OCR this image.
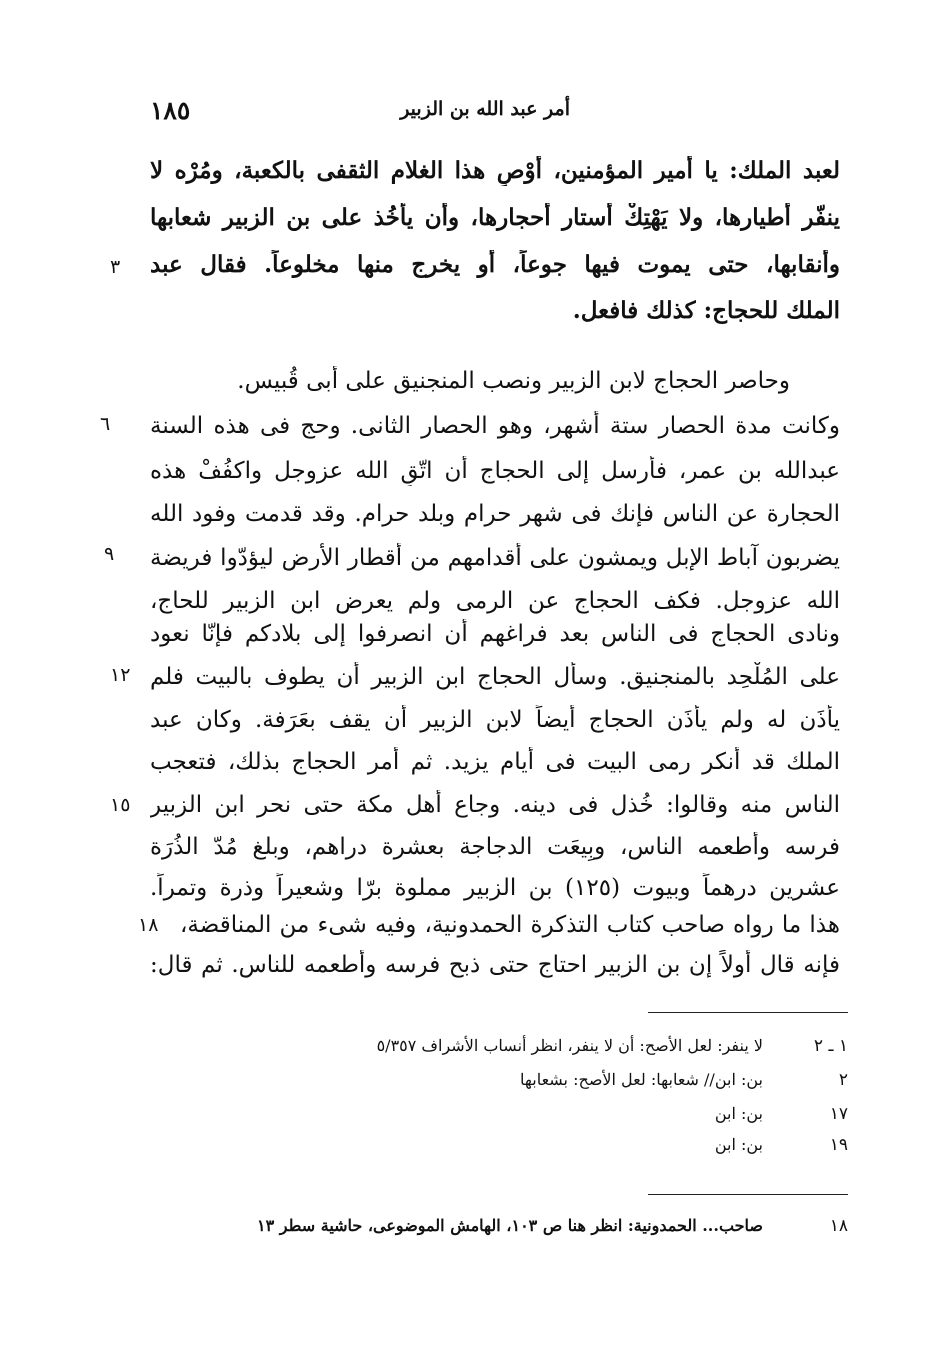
١٨٥	أمر عبد الله بن الزبير
لعبد الملك: يا أمير المؤمنين، أوْصِ هذا الغلام الثقفى بالكعبة، ومُرْه لا
ينفّر أطيارها، ولا يَهْتِكْ أستار أحجارها، وأن يأخُذ على بن الزبير شعابها
وأنقابها، حتى يموت فيها جوعاً، أو يخرج منها مخلوعاً. فقال عبد
الملك للحجاج: كذلك فافعل.
وحاصر الحجاج لابن الزبير ونصب المنجنيق على أبى قُبيس.
وكانت مدة الحصار ستة أشهر، وهو الحصار الثانى. وحج فى هذه السنة
عبدالله بن عمر، فأرسل إلى الحجاج أن اتّقِ الله عزوجل واكفُفْ هذه
الحجارة عن الناس فإنك فى شهر حرام وبلد حرام. وقد قدمت وفود الله
يضربون آباط الإبل ويمشون على أقدامهم من أقطار الأرض ليؤدّوا فريضة
الله عزوجل. فكف الحجاج عن الرمى ولم يعرض ابن الزبير للحاج،
ونادى الحجاج فى الناس بعد فراغهم أن انصرفوا إلى بلادكم فإنّا نعود
على المُلْحِد بالمنجنيق. وسأل الحجاج ابن الزبير أن يطوف بالبيت فلم
يأذَن له ولم يأذَن الحجاج أيضاً لابن الزبير أن يقف بعَرَفة. وكان عبد
الملك قد أنكر رمى البيت فى أيام يزيد. ثم أمر الحجاج بذلك، فتعجب
الناس منه وقالوا: خُذل فى دينه. وجاع أهل مكة حتى نحر ابن الزبير
فرسه وأطعمه الناس، وبِيعَت الدجاجة بعشرة دراهم، وبلغ مُدّ الذُرَة
عشرين درهماً وبيوت (١٢٥) بن الزبير مملوة برّا وشعيراً وذرة وتمراً.
هذا ما رواه صاحب كتاب التذكرة الحمدونية، وفيه شىء من المناقضة،
فإنه قال أولاً إن بن الزبير احتاج حتى ذبح فرسه وأطعمه للناس. ثم قال:
٣
٦
٩
١٢
١٥
١٨
١ ـ ٢
لا ينفر: لعل الأصح: أن لا ينفر، انظر أنساب الأشراف ٥/٣٥٧
٢
بن: ابن// شعابها: لعل الأصح: بشعابها
١٧
بن: ابن
١٩
بن: ابن
١٨
صاحب... الحمدونية: انظر هنا ص ١٠٣، الهامش الموضوعى، حاشية سطر ١٣
